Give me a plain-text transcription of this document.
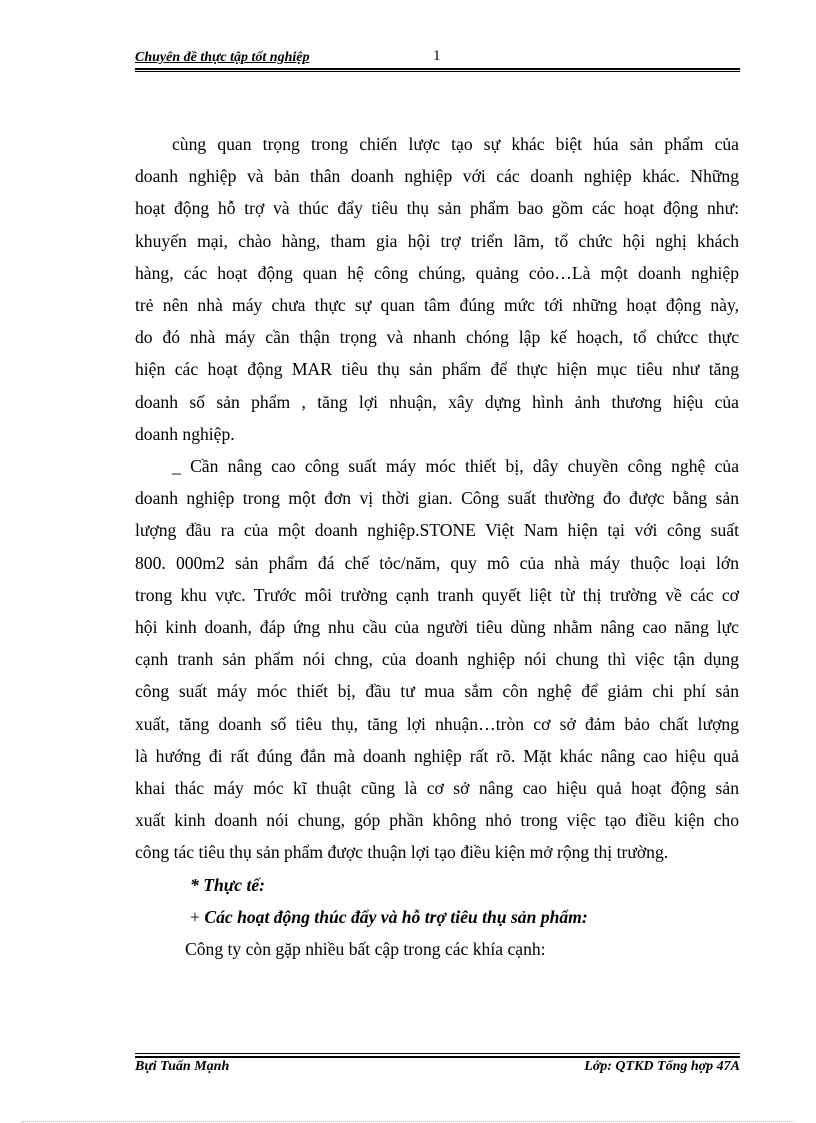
Chuyên đề thực tập tốt nghiệp	1

cùng quan trọng trong chiến lược tạo sự khác biệt húa sản phẩm của

doanh nghiệp và bản thân doanh nghiệp với các doanh nghiệp khác. Những

hoạt động hỗ trợ và thúc đẩy tiêu thụ sản phẩm bao gồm các hoạt động như:

khuyến mại, chào hàng, tham gia hội trợ triển lãm, tổ chức hội nghị khách

hàng, các hoạt động quan hệ công chúng, quảng cỏo…Là một doanh nghiệp

trẻ nên nhà máy chưa thực sự quan tâm đúng mức tới những hoạt động này,

do đó nhà máy cần thận trọng và nhanh chóng lập kế hoạch, tổ chứcc thực

hiện các hoạt động MAR tiêu thụ sản phẩm để thực hiện mục tiêu như tăng

doanh số sản phẩm , tăng lợi nhuận, xây dựng hình ảnh thương hiệu của

doanh nghiệp.

_ Cần nâng cao công suất máy móc thiết bị, dây chuyền công nghệ của

doanh nghiệp trong một đơn vị thời gian. Công suất thường đo được bằng sản

lượng đầu ra của một doanh nghiệp.STONE Việt Nam hiện tại với công suất

800. 000m2 sản phẩm đá chế tỏc/năm, quy mô của nhà máy thuộc loại lớn

trong khu vực. Trước môi trường cạnh tranh quyết liệt từ thị trường về các cơ

hội kinh doanh, đáp ứng nhu cầu của người tiêu dùng nhằm nâng cao năng lực

cạnh tranh sản phẩm nói chng, của doanh nghiệp nói chung thì việc tận dụng

công suất máy móc thiết bị, đầu tư mua sắm côn nghệ để giảm chi phí sản

xuất, tăng doanh số tiêu thụ, tăng lợi nhuận…tròn cơ sở đảm bảo chất lượng

là hướng đi rất đúng đắn mà doanh nghiệp rất rõ. Mặt khác nâng cao hiệu quả

khai thác máy móc kĩ thuật cũng là cơ sở nâng cao hiệu quả hoạt động sản

xuất kinh doanh nói chung, góp phần không nhỏ trong việc tạo điều kiện cho

công tác tiêu thụ sản phẩm được thuận lợi tạo điều kiện mở rộng thị trường.

* Thực tế:

+ Các hoạt động thúc đẩy và hỗ trợ tiêu thụ sản phẩm:

Công ty còn gặp nhiều bất cập trong các khía cạnh:

Bựi Tuấn Mạnh	Lớp: QTKD Tổng hợp 47A
